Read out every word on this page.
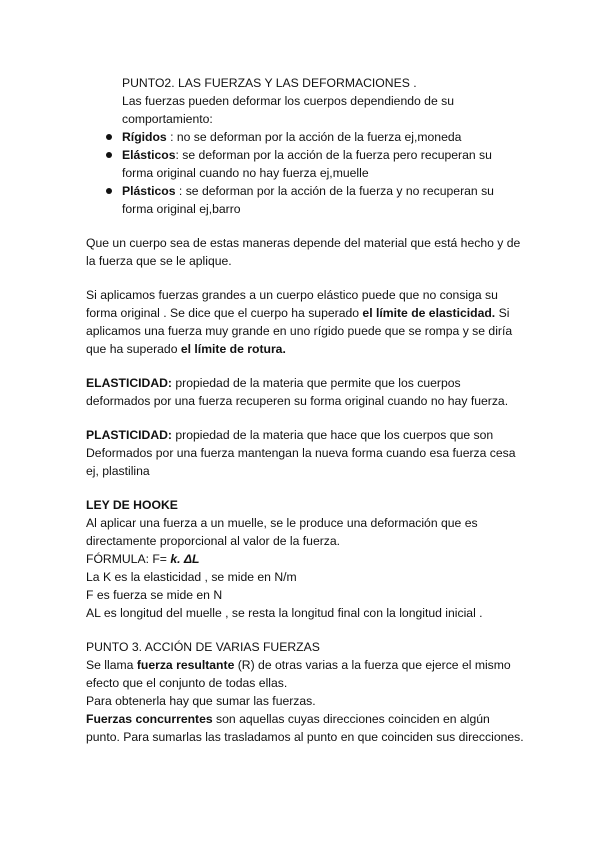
PUNTO2. LAS FUERZAS Y LAS DEFORMACIONES .

Las fuerzas pueden deformar los cuerpos dependiendo de su comportamiento:

Rígidos : no se deforman por la acción de la fuerza ej,moneda
Elásticos: se deforman por la acción de la fuerza pero recuperan su forma original cuando no hay fuerza ej,muelle
Plásticos : se deforman por la acción de la fuerza y no recuperan su forma original ej,barro

Que un cuerpo sea de estas maneras depende del material que está hecho y de la fuerza que se le aplique.

Si aplicamos fuerzas grandes a un cuerpo elástico puede que no consiga su forma original . Se dice que el cuerpo ha superado el límite de elasticidad. Si aplicamos una fuerza muy grande en uno rígido puede que se rompa y se diría que ha superado el límite de rotura.

ELASTICIDAD: propiedad de la materia que permite que los cuerpos deformados por una fuerza recuperen su forma original cuando no hay fuerza.

PLASTICIDAD: propiedad de la materia que hace que los cuerpos que son Deformados por una fuerza mantengan la nueva forma cuando esa fuerza cesa ej, plastilina

LEY DE HOOKE

Al aplicar una fuerza a un muelle, se le produce una deformación que es directamente proporcional al valor de la fuerza.

FÓRMULA: F= k. ΔL

La K es la elasticidad , se mide en N/m

F es fuerza se mide en N

AL es longitud del muelle , se resta la longitud final con la longitud inicial .

PUNTO 3. ACCIÓN DE VARIAS FUERZAS

Se llama fuerza resultante (R) de otras varias a la fuerza que ejerce el mismo efecto que el conjunto de todas ellas.

Para obtenerla hay que sumar las fuerzas.

Fuerzas concurrentes son aquellas cuyas direcciones coinciden en algún punto. Para sumarlas las trasladamos al punto en que coinciden sus direcciones.
